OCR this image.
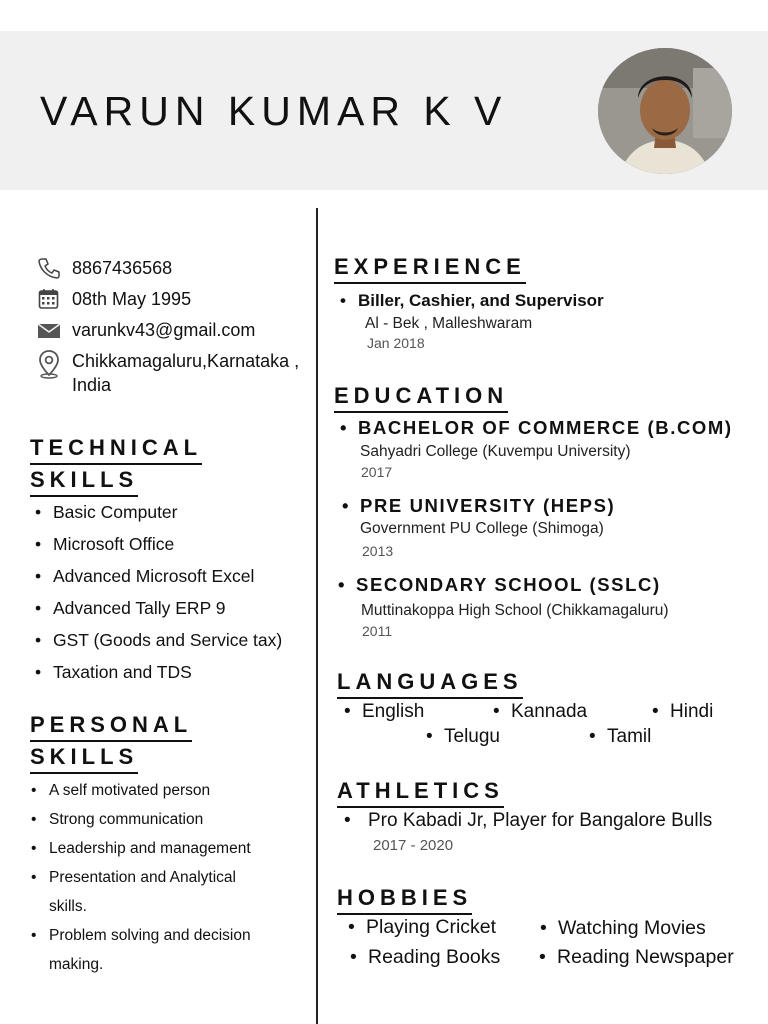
VARUN KUMAR K V
8867436568
08th May 1995
varunkv43@gmail.com
Chikkamagaluru,Karnataka ,
India
TECHNICAL
SKILLS
• Basic Computer
• Microsoft Office
• Advanced Microsoft Excel
• Advanced Tally ERP 9
• GST (Goods and Service tax)
• Taxation and TDS
PERSONAL
SKILLS
• A self motivated person
• Strong communication
• Leadership and management
• Presentation and Analytical
skills.
• Problem solving and decision
making.
EXPERIENCE
• Biller, Cashier, and Supervisor
Al - Bek , Malleshwaram
Jan 2018
EDUCATION
• BACHELOR OF COMMERCE (B.COM)
Sahyadri College (Kuvempu University)
2017
• PRE UNIVERSITY (HEPS)
Government PU College (Shimoga)
2013
• SECONDARY SCHOOL (SSLC)
Muttinakoppa High School (Chikkamagaluru)
2011
LANGUAGES
• English	• Kannada	• Hindi
• Telugu	• Tamil
ATHLETICS
• Pro Kabadi Jr, Player for Bangalore Bulls
2017 - 2020
HOBBIES
• Playing Cricket	• Watching Movies
• Reading Books	• Reading Newspaper
